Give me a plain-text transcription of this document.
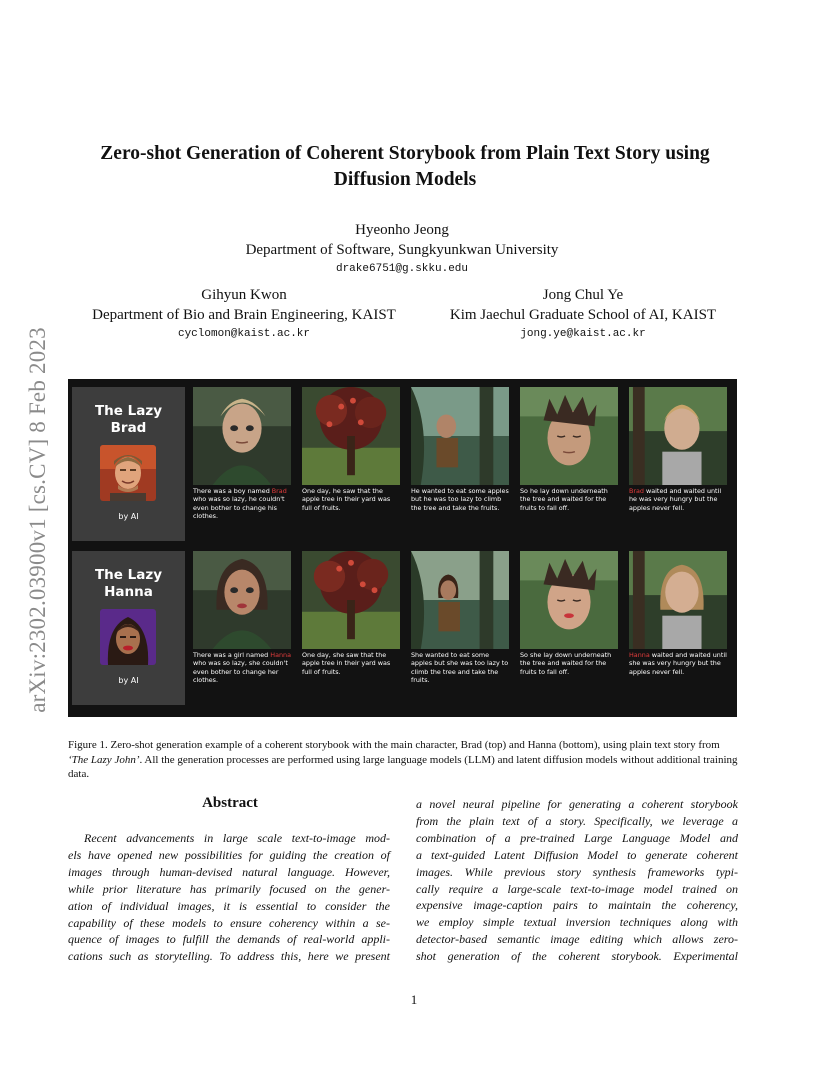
arXiv:2302.03900v1 [cs.CV] 8 Feb 2023
Zero-shot Generation of Coherent Storybook from Plain Text Story using
Diffusion Models
Hyeonho Jeong
Department of Software, Sungkyunkwan University
drake6751@g.skku.edu
Gihyun Kwon
Department of Bio and Brain Engineering, KAIST
cyclomon@kaist.ac.kr
Jong Chul Ye
Kim Jaechul Graduate School of AI, KAIST
jong.ye@kaist.ac.kr
The Lazy
Brad
by AI
There was a boy named Brad who was so lazy, he couldn't even bother to change his clothes.
One day, he saw that the apple tree in their yard was full of fruits.
He wanted to eat some apples but he was too lazy to climb the tree and take the fruits.
So he lay down underneath the tree and waited for the fruits to fall off.
Brad waited and waited until he was very hungry but the apples never fell.
The Lazy
Hanna
by AI
There was a girl named Hanna who was so lazy, she couldn't even bother to change her clothes.
One day, she saw that the apple tree in their yard was full of fruits.
She wanted to eat some apples but she was too lazy to climb the tree and take the fruits.
So she lay down underneath the tree and waited for the fruits to fall off.
Hanna waited and waited until she was very hungry but the apples never fell.
Figure 1. Zero-shot generation example of a coherent storybook with the main character, Brad (top) and Hanna (bottom), using plain text story from ‘The Lazy John’. All the generation processes are performed using large language models (LLM) and latent diffusion models without additional training data.
Abstract
Recent advancements in large scale text-to-image mod-
els have opened new possibilities for guiding the creation of
images through human-devised natural language. However,
while prior literature has primarily focused on the gener-
ation of individual images, it is essential to consider the
capability of these models to ensure coherency within a se-
quence of images to fulfill the demands of real-world appli-
cations such as storytelling. To address this, here we present
a novel neural pipeline for generating a coherent storybook
from the plain text of a story. Specifically, we leverage a
combination of a pre-trained Large Language Model and
a text-guided Latent Diffusion Model to generate coherent
images. While previous story synthesis frameworks typi-
cally require a large-scale text-to-image model trained on
expensive image-caption pairs to maintain the coherency,
we employ simple textual inversion techniques along with
detector-based semantic image editing which allows zero-
shot generation of the coherent storybook. Experimental
1
